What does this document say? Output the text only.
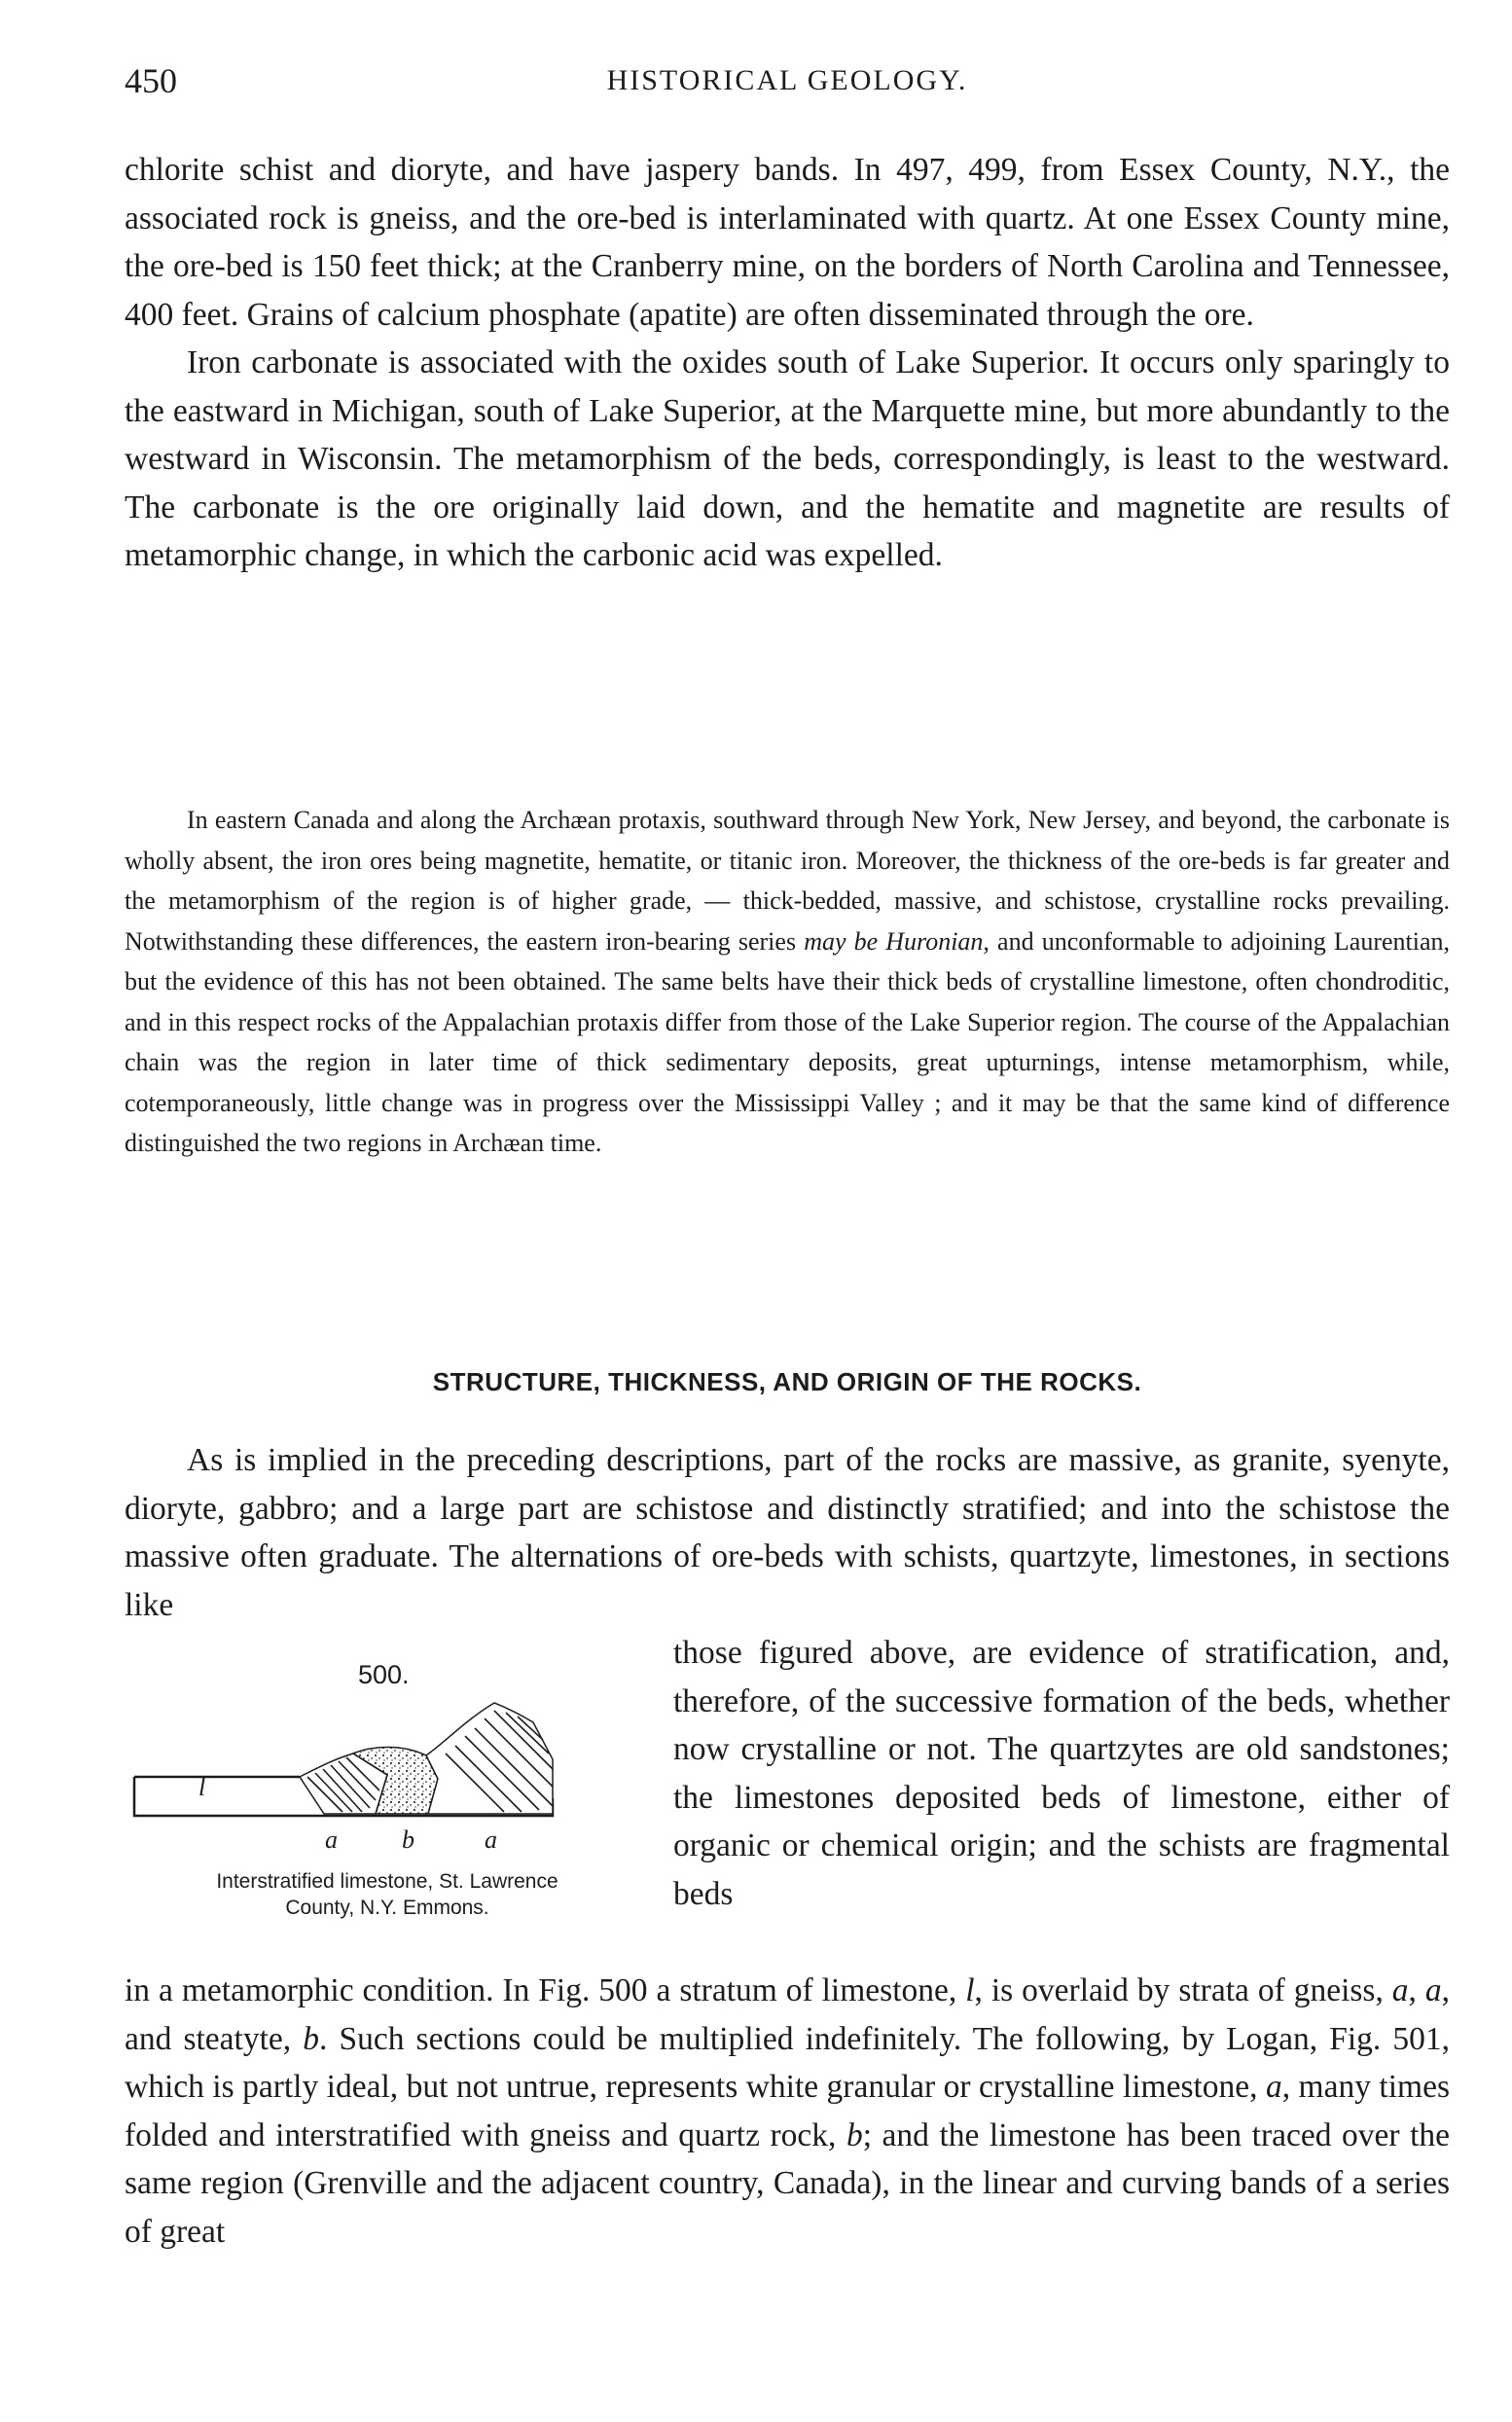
450	HISTORICAL GEOLOGY.

chlorite schist and dioryte, and have jaspery bands. In 497, 499, from Essex County, N.Y., the associated rock is gneiss, and the ore-bed is interlaminated with quartz. At one Essex County mine, the ore-bed is 150 feet thick; at the Cranberry mine, on the borders of North Carolina and Tennessee, 400 feet. Grains of calcium phosphate (apatite) are often disseminated through the ore.

Iron carbonate is associated with the oxides south of Lake Superior. It occurs only sparingly to the eastward in Michigan, south of Lake Superior, at the Marquette mine, but more abundantly to the westward in Wisconsin. The metamorphism of the beds, correspondingly, is least to the westward. The carbonate is the ore originally laid down, and the hematite and magnetite are results of metamorphic change, in which the carbonic acid was expelled.

In eastern Canada and along the Archæan protaxis, southward through New York, New Jersey, and beyond, the carbonate is wholly absent, the iron ores being magnetite, hematite, or titanic iron. Moreover, the thickness of the ore-beds is far greater and the metamorphism of the region is of higher grade, — thick-bedded, massive, and schistose, crystalline rocks prevailing. Notwithstanding these differences, the eastern iron-bearing series may be Huronian, and unconformable to adjoining Laurentian, but the evidence of this has not been obtained. The same belts have their thick beds of crystalline limestone, often chondroditic, and in this respect rocks of the Appalachian protaxis differ from those of the Lake Superior region. The course of the Appalachian chain was the region in later time of thick sedimentary deposits, great upturnings, intense metamorphism, while, cotemporaneously, little change was in progress over the Mississippi Valley ; and it may be that the same kind of difference distinguished the two regions in Archæan time.

STRUCTURE, THICKNESS, AND ORIGIN OF THE ROCKS.

As is implied in the preceding descriptions, part of the rocks are massive, as granite, syenyte, dioryte, gabbro; and a large part are schistose and distinctly stratified; and into the schistose the massive often graduate. The alternations of ore-beds with schists, quartzyte, limestones, in sections like

500.
l
a	b	a
Interstratified limestone, St. Lawrence
County, N.Y. Emmons.

those figured above, are evidence of stratification, and, therefore, of the successive formation of the beds, whether now crystalline or not. The quartzytes are old sandstones; the limestones deposited beds of limestone, either of organic or chemical origin; and the schists are fragmental beds

in a metamorphic condition. In Fig. 500 a stratum of limestone, l, is overlaid by strata of gneiss, a, a, and steatyte, b. Such sections could be multiplied indefinitely. The following, by Logan, Fig. 501, which is partly ideal, but not untrue, represents white granular or crystalline limestone, a, many times folded and interstratified with gneiss and quartz rock, b; and the limestone has been traced over the same region (Grenville and the adjacent country, Canada), in the linear and curving bands of a series of great
